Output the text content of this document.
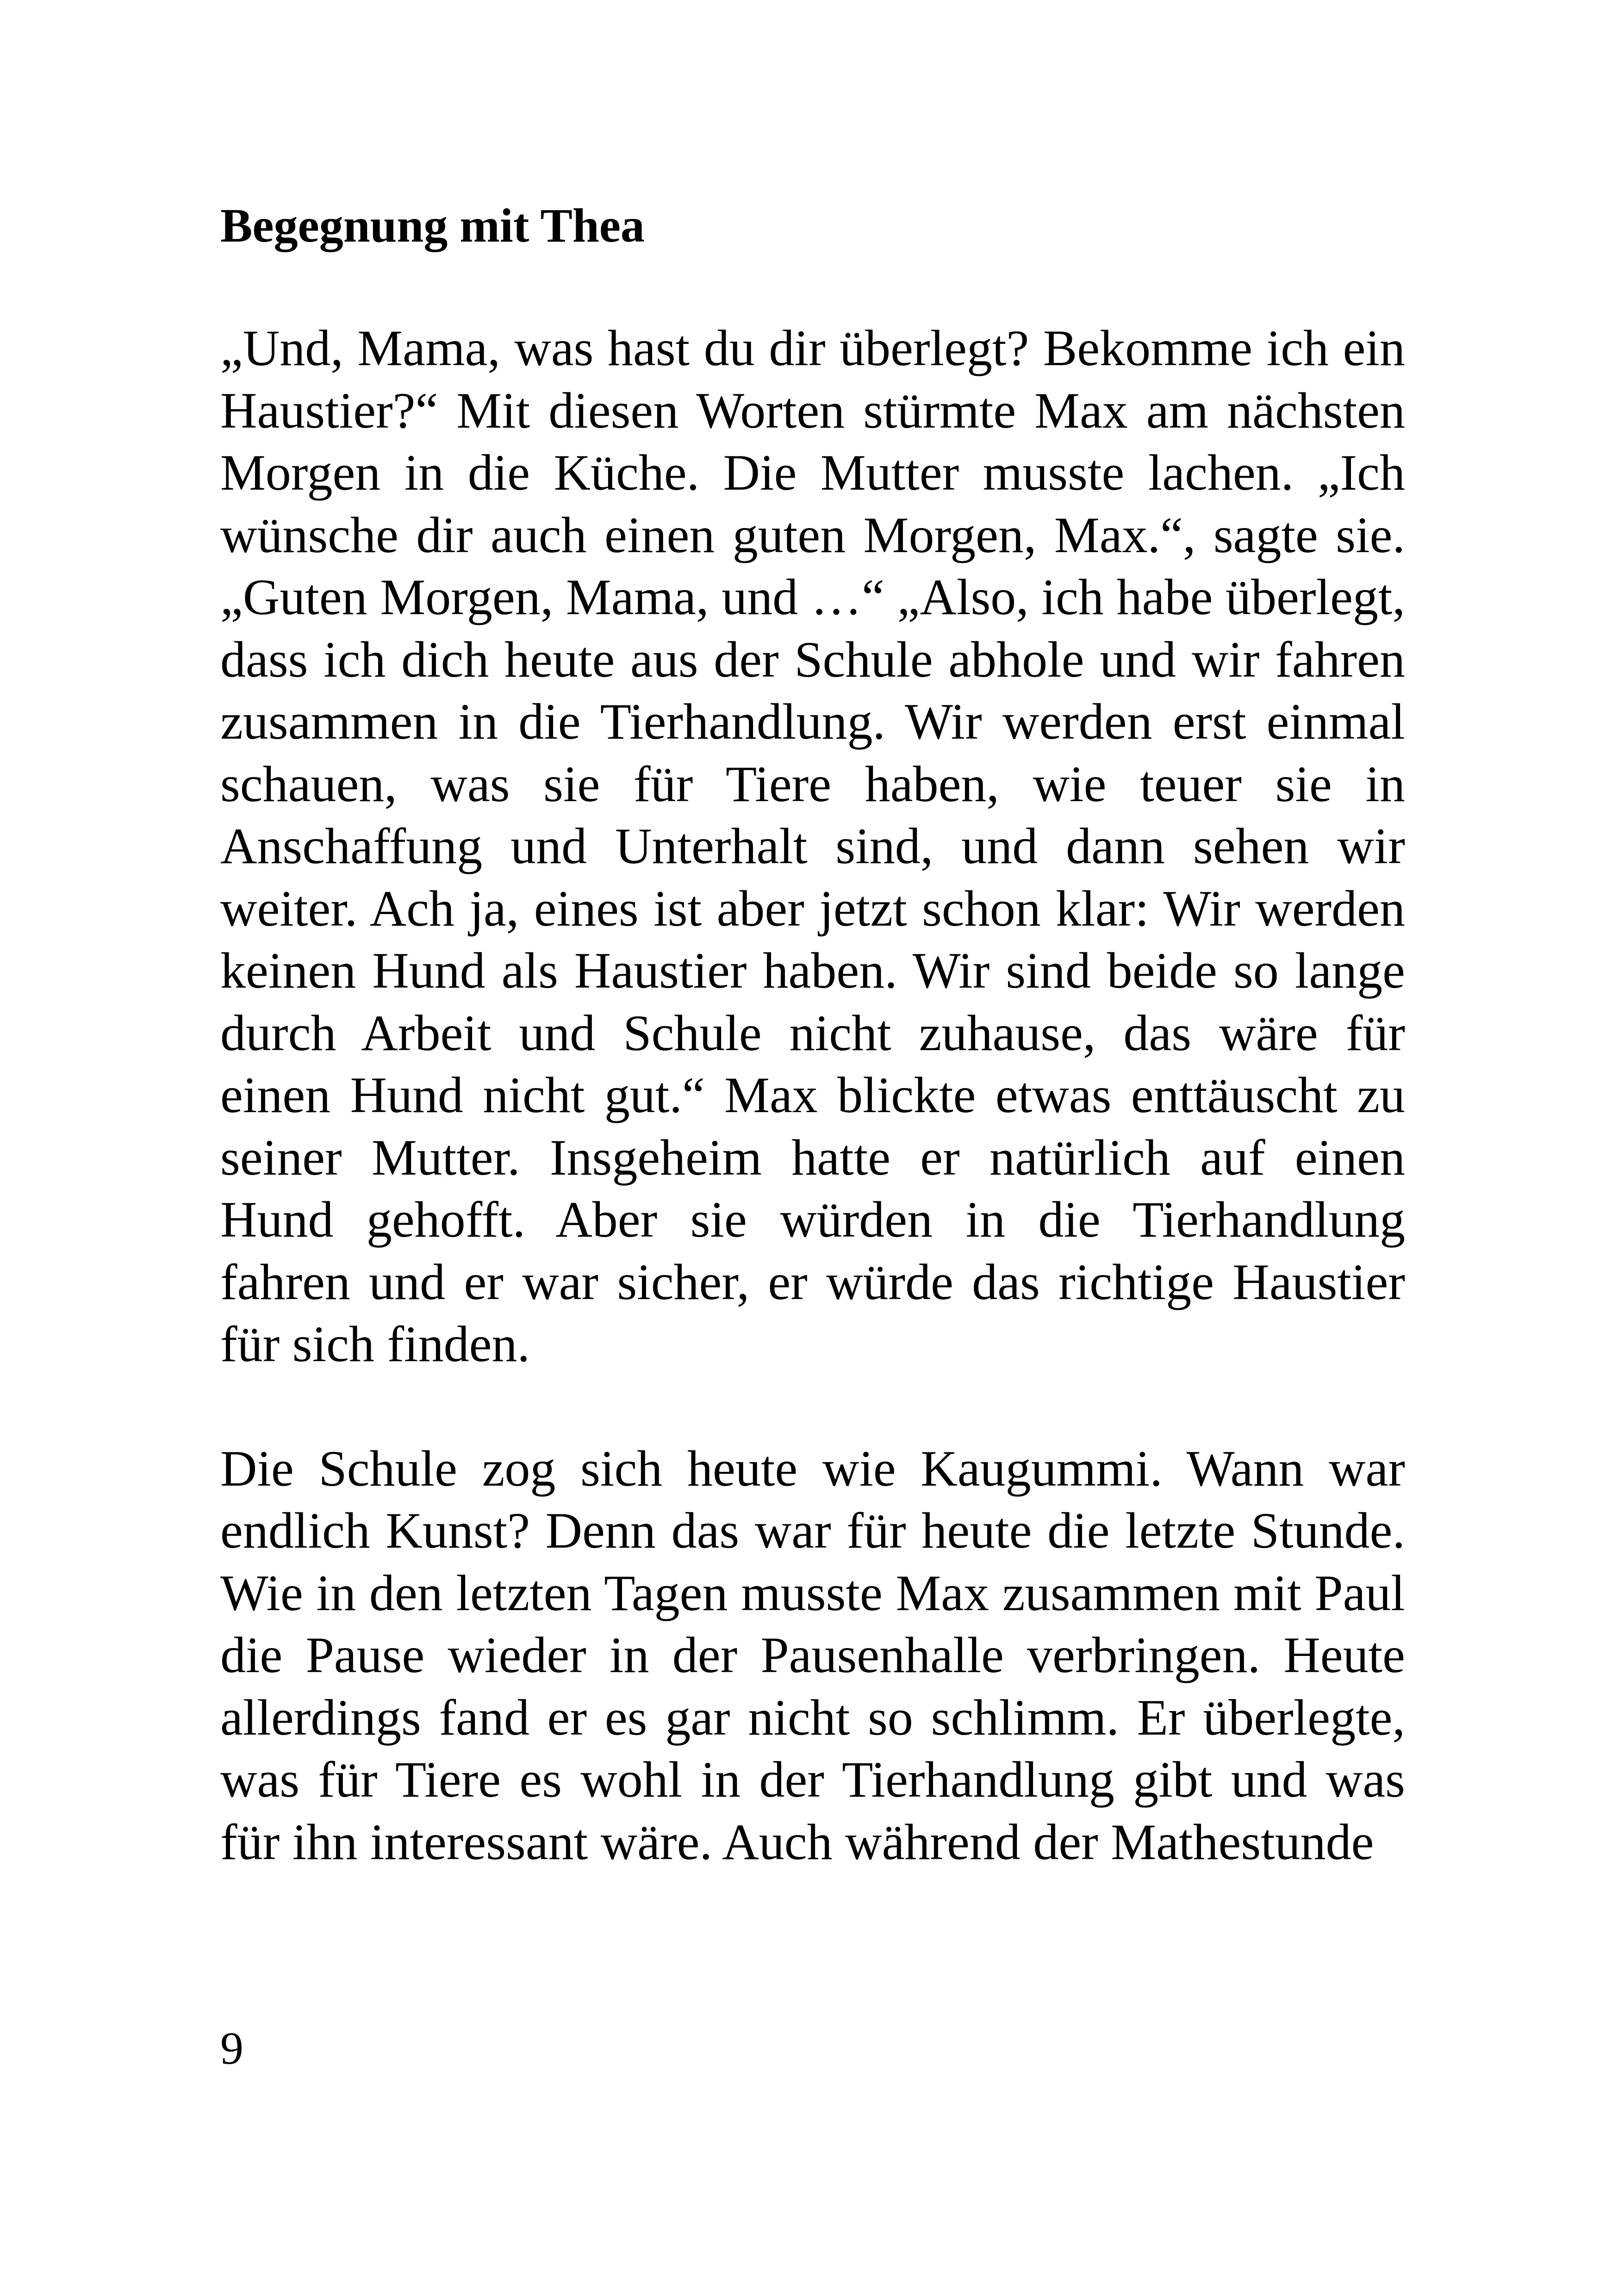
Begegnung mit Thea

„Und, Mama, was hast du dir überlegt? Bekomme ich ein Haustier?“ Mit diesen Worten stürmte Max am nächsten Morgen in die Küche. Die Mutter musste lachen. „Ich wünsche dir auch einen guten Morgen, Max.“, sagte sie. „Guten Morgen, Mama, und …“ „Also, ich habe überlegt, dass ich dich heute aus der Schule abhole und wir fahren zusammen in die Tierhandlung. Wir werden erst einmal schauen, was sie für Tiere haben, wie teuer sie in Anschaffung und Unterhalt sind, und dann sehen wir weiter. Ach ja, eines ist aber jetzt schon klar: Wir werden keinen Hund als Haustier haben. Wir sind beide so lange durch Arbeit und Schule nicht zuhause, das wäre für einen Hund nicht gut.“ Max blickte etwas enttäuscht zu seiner Mutter. Insgeheim hatte er natürlich auf einen Hund gehofft. Aber sie würden in die Tierhandlung fahren und er war sicher, er würde das richtige Haustier für sich finden.

Die Schule zog sich heute wie Kaugummi. Wann war endlich Kunst? Denn das war für heute die letzte Stunde. Wie in den letzten Tagen musste Max zusammen mit Paul die Pause wieder in der Pausenhalle verbringen. Heute allerdings fand er es gar nicht so schlimm. Er überlegte, was für Tiere es wohl in der Tierhandlung gibt und was für ihn interessant wäre. Auch während der Mathestunde

9
